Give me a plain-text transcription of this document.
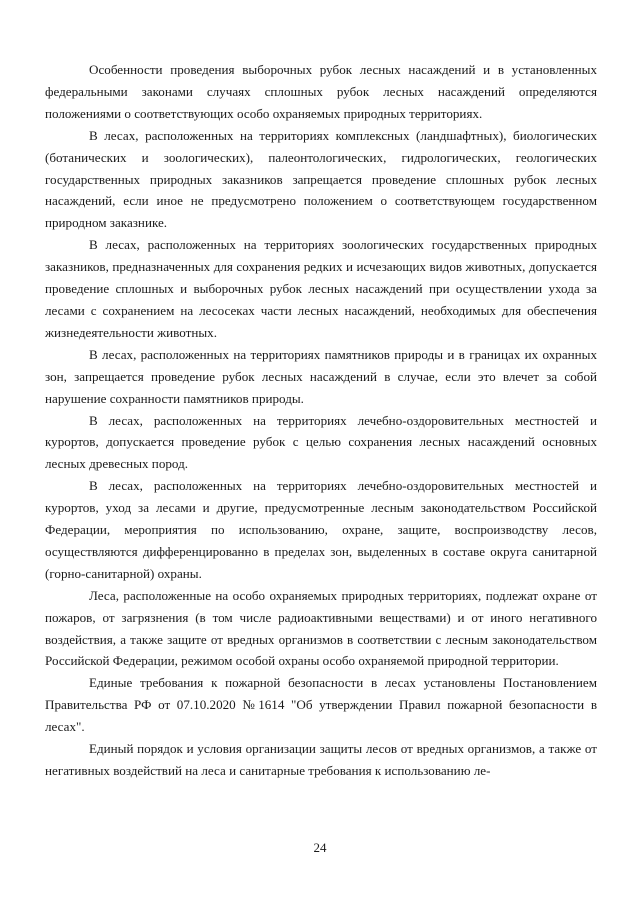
Особенности проведения выборочных рубок лесных насаждений и в установленных федеральными законами случаях сплошных рубок лесных насаждений определяются положениями о соответствующих особо охраняемых природных территориях.

В лесах, расположенных на территориях комплексных (ландшафтных), биологических (ботанических и зоологических), палеонтологических, гидрологических, геологических государственных природных заказников запрещается проведение сплошных рубок лесных насаждений, если иное не предусмотрено положением о соответствующем государственном природном заказнике.

В лесах, расположенных на территориях зоологических государственных природных заказников, предназначенных для сохранения редких и исчезающих видов животных, допускается проведение сплошных и выборочных рубок лесных насаждений при осуществлении ухода за лесами с сохранением на лесосеках части лесных насаждений, необходимых для обеспечения жизнедеятельности животных.

В лесах, расположенных на территориях памятников природы и в границах их охранных зон, запрещается проведение рубок лесных насаждений в случае, если это влечет за собой нарушение сохранности памятников природы.

В лесах, расположенных на территориях лечебно-оздоровительных местностей и курортов, допускается проведение рубок с целью сохранения лесных насаждений основных лесных древесных пород.

В лесах, расположенных на территориях лечебно-оздоровительных местностей и курортов, уход за лесами и другие, предусмотренные лесным законодательством Российской Федерации, мероприятия по использованию, охране, защите, воспроизводству лесов, осуществляются дифференцированно в пределах зон, выделенных в составе округа санитарной (горно-санитарной) охраны.

Леса, расположенные на особо охраняемых природных территориях, подлежат охране от пожаров, от загрязнения (в том числе радиоактивными веществами) и от иного негативного воздействия, а также защите от вредных организмов в соответствии с лесным законодательством Российской Федерации, режимом особой охраны особо охраняемой природной территории.

Единые требования к пожарной безопасности в лесах установлены Постановлением Правительства РФ от 07.10.2020 №1614 "Об утверждении Правил пожарной безопасности в лесах".

Единый порядок и условия организации защиты лесов от вредных организмов, а также от негативных воздействий на леса и санитарные требования к использованию ле-

24
